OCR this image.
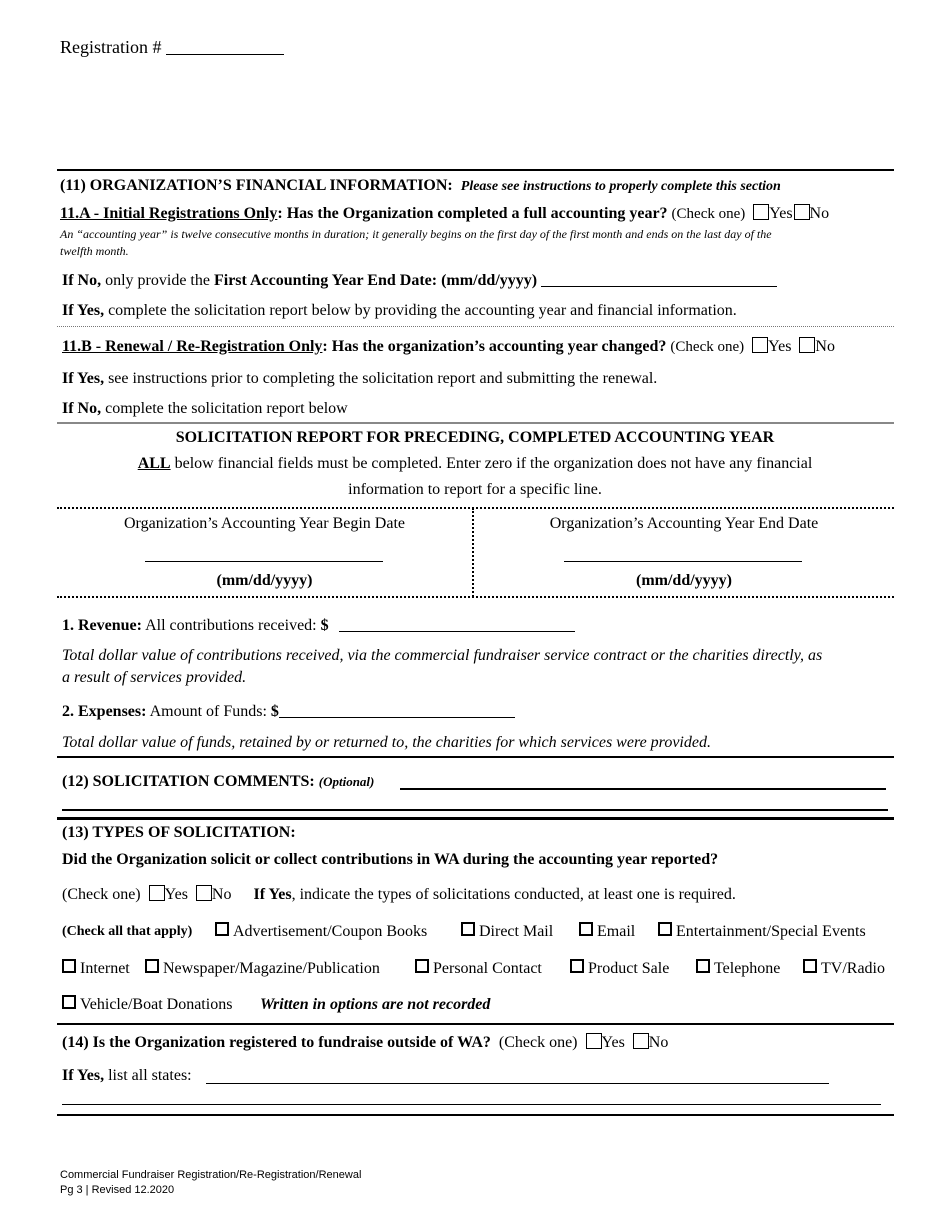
Registration #
(11) ORGANIZATION’S FINANCIAL INFORMATION: Please see instructions to properly complete this section
11.A - Initial Registrations Only: Has the Organization completed a full accounting year? (Check one) Yes No
An “accounting year” is twelve consecutive months in duration; it generally begins on the first day of the first month and ends on the last day of the
twelfth month.
If No, only provide the First Accounting Year End Date: (mm/dd/yyyy)
If Yes, complete the solicitation report below by providing the accounting year and financial information.
11.B - Renewal / Re-Registration Only: Has the organization’s accounting year changed? (Check one) Yes No
If Yes, see instructions prior to completing the solicitation report and submitting the renewal.
If No, complete the solicitation report below
SOLICITATION REPORT FOR PRECEDING, COMPLETED ACCOUNTING YEAR
ALL below financial fields must be completed. Enter zero if the organization does not have any financial
information to report for a specific line.
Organization’s Accounting Year Begin Date
(mm/dd/yyyy)
Organization’s Accounting Year End Date
(mm/dd/yyyy)
1. Revenue: All contributions received: $
Total dollar value of contributions received, via the commercial fundraiser service contract or the charities directly, as
a result of services provided.
2. Expenses: Amount of Funds: $
Total dollar value of funds, retained by or returned to, the charities for which services were provided.
(12) SOLICITATION COMMENTS: (Optional)
(13) TYPES OF SOLICITATION:
Did the Organization solicit or collect contributions in WA during the accounting year reported?
(Check one) Yes No If Yes, indicate the types of solicitations conducted, at least one is required.
(Check all that apply)	Advertisement/Coupon Books	Direct Mail	Email	Entertainment/Special Events
Internet	Newspaper/Magazine/Publication	Personal Contact	Product Sale	Telephone	TV/Radio
Vehicle/Boat Donations Written in options are not recorded
(14) Is the Organization registered to fundraise outside of WA? (Check one) Yes No
If Yes, list all states:
Commercial Fundraiser Registration/Re-Registration/Renewal
Pg 3 | Revised 12.2020
